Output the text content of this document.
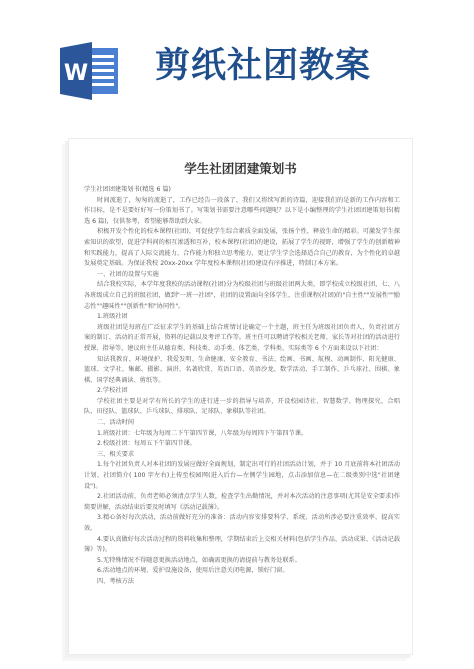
W 剪纸社团教案
学生社团团建策划书

学生社团团建策划书(精选 6 篇)

时间流逝了，匆匆的流逝了，工作已经告一段落了，我们又将续写新的诗篇，迎接我们的是新的工作内容和工作目标，是不是要好好写一份策划书了。写策划书需要注意哪些问题呢？以下是小编整理的学生社团团建策划书(精选 6 篇)，仅供参考，希望能够帮助到大家。

积极开发个性化的校本课程(社团)，可促使学生综合素质全面发展，张扬个性，释放生命的精彩。可激发学生探索知识的欲望，促进学科间的相互渗透和互补，校本课程(社团)的建设，拓展了学生的视野，增强了学生的创新精神和实践能力，提高了人际交流能力，合作能力和独立思考能力，更让学生学会选择适合自己的教育，为个性化的卓越发展奠定基础。为保证我校 20xx-20xx 学年度校本课程(社团)建设有序推进，特制订本方案。

一、社团的设置与实施

结合我校实际，本学年度我校的活动课程(社团)分为校级社团与班级社团两大类，即学校成立校级社团，七、八各班级成立自己的班级社团，做到"一班一社团"，社团的设置面向全体学生，注重课程(社团)的"自主性""发展性""励志性""趣味性""创新性"和"协同性"。

1.班级社团

班级社团是每班在广泛征求学生的基础上结合班情讨论确定一个主题，班主任为班级社团负责人，负责社团方案的制订、活动的正常开展，资料的记载以及考评工作等。班主任可以聘请学校相关老师、家长等对社团的活动进行授课、指导等，建议班主任从德育类、科技类、动手类、体艺类、学科类、实际类等 6 个方面来设以下社团：

知法我教育、环境保护、我爱发明、生命健康、安全教育、书法、绘画、书画、航模、动画制作、阳光健康、篮球、文学社、集邮、摄影、演讲、名著欣赏、英语口语、英语沙龙、数学活动、手工制作、乒乓球社、围棋、象棋、国学经典诵读、剪纸等。

2.学校社团

学校社团主要是对学有所长的学生的进行进一步的指导与培养，开设校园诗社、智慧数学、物理探究、合唱队、田径队、篮球队、乒乓球队、排球队、足球队、象棋队等社团。

二、活动时间

1.班级社团：七年级为每周二下午第四节课，八年级为每周四下午第四节课。

2.校级社团：每周五下午第四节课。

三、相关要求

1.每个社团负责人对本社团的发展应做好全面规划，制定出可行的社团活动计划，并于 10 月底前将本社团活动计划、社团简介( 100 字左右)上传至校园网(进入后台—左侧学生园地，点击添加信息—在二级类别中选"社团建设")。

2.社团活动前，负责老师必须清点学生人数，检查学生出勤情况，并对本次活动的注意事项(尤其是安全要求)作简要讲解，活动结束后要及时填写《活动记载簿》。

3.精心备好每次活动，活动前做好充分的准备：活动内容安排要科学、系统，活动所涉必要注重效率、提高实效。

4.要认真做好每次活动过程的资料收集和整理，学期结束后上交相关材料(包括学生作品、活动成果、《活动记载簿》等)。

5.无特殊情况不得随意更换活动地点，如确需更换的请提前与教务处联系。

6.活动地点的环境、爱护设施设备，使用后注意关闭电源，锁好门窗。

四、考核方法
